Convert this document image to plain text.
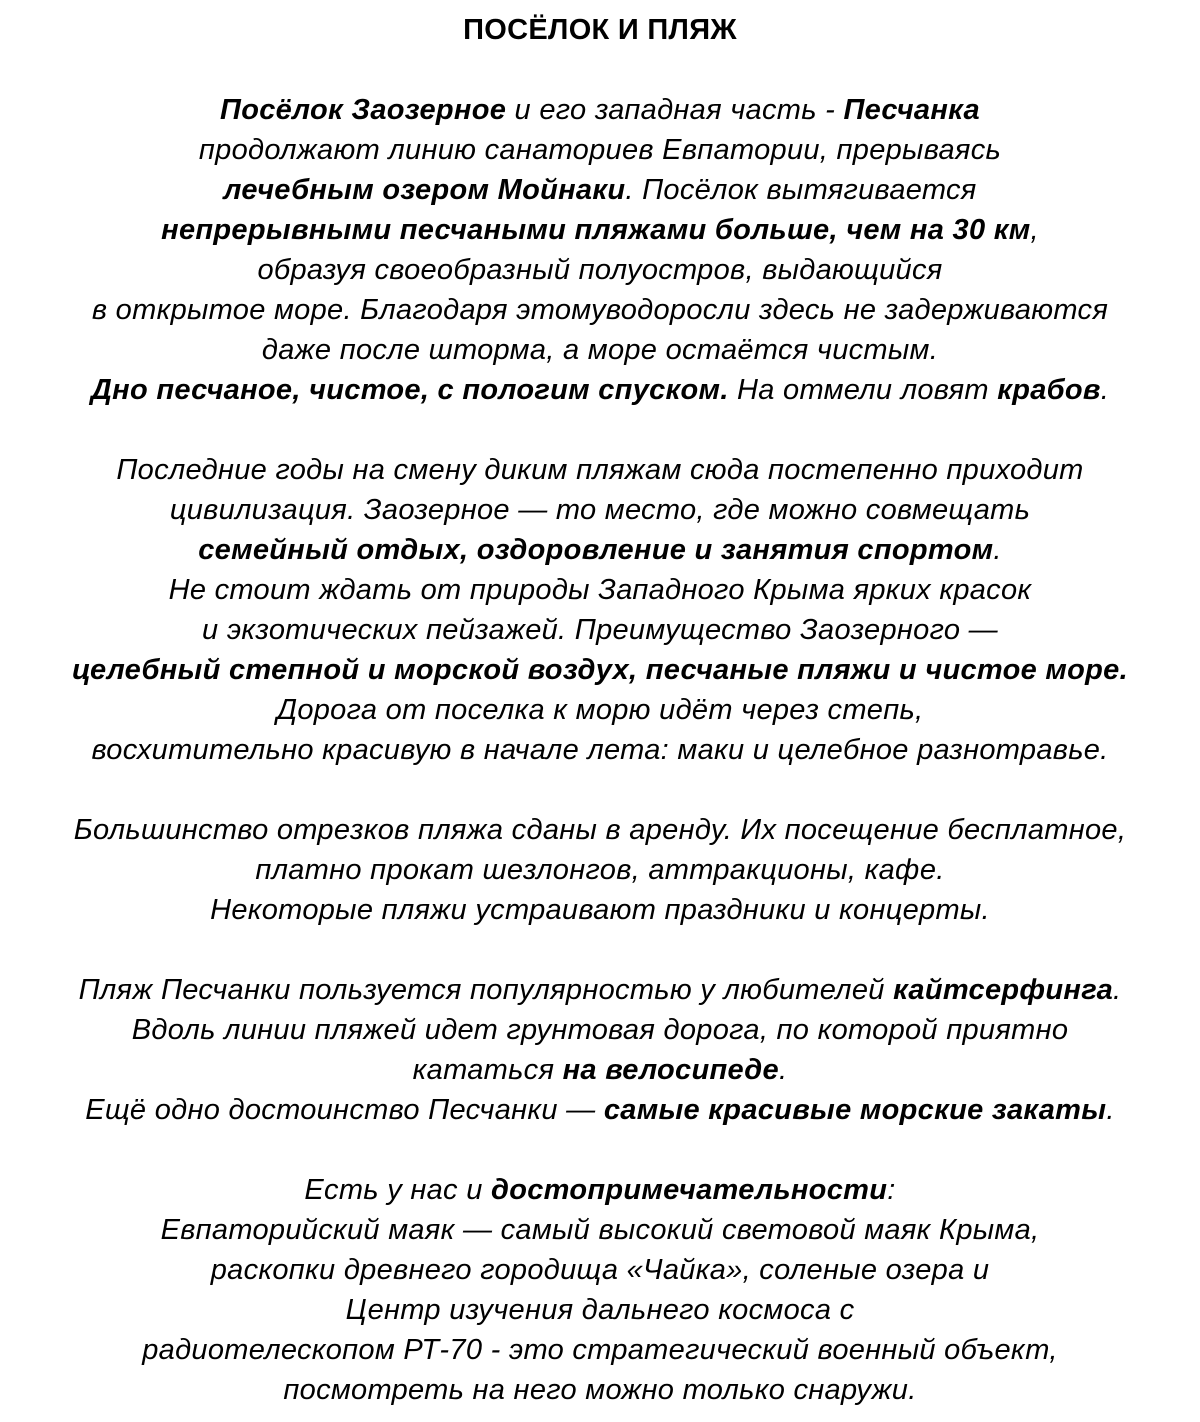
ПОСЁЛОК И ПЛЯЖ
Посёлок Заозерное и его западная часть - Песчанка
продолжают линию санаториев Евпатории, прерываясь
лечебным озером Мойнаки. Посёлок вытягивается
непрерывными песчаными пляжами больше, чем на 30 км,
образуя своеобразный полуостров, выдающийся
в открытое море. Благодаря этомуводоросли здесь не задерживаются
даже после шторма, а море остаётся чистым.
Дно песчаное, чистое, с пологим спуском. На отмели ловят крабов.
Последние годы на смену диким пляжам сюда постепенно приходит
цивилизация. Заозерное — то место, где можно совмещать
семейный отдых, оздоровление и занятия спортом.
Не стоит ждать от природы Западного Крыма ярких красок
и экзотических пейзажей. Преимущество Заозерного —
целебный степной и морской воздух, песчаные пляжи и чистое море.
Дорога от поселка к морю идёт через степь,
восхитительно красивую в начале лета: маки и целебное разнотравье.
Большинство отрезков пляжа сданы в аренду. Их посещение бесплатное,
платно прокат шезлонгов, аттракционы, кафе.
Некоторые пляжи устраивают праздники и концерты.
Пляж Песчанки пользуется популярностью у любителей кайтсерфинга.
Вдоль линии пляжей идет грунтовая дорога, по которой приятно
кататься на велосипеде.
Ещё одно достоинство Песчанки — самые красивые морские закаты.
Есть у нас и достопримечательности:
Евпаторийский маяк — самый высокий световой маяк Крыма,
раскопки древнего городища «Чайка», соленые озера и
Центр изучения дальнего космоса с
радиотелескопом РТ-70 - это стратегический военный объект,
посмотреть на него можно только снаружи.
